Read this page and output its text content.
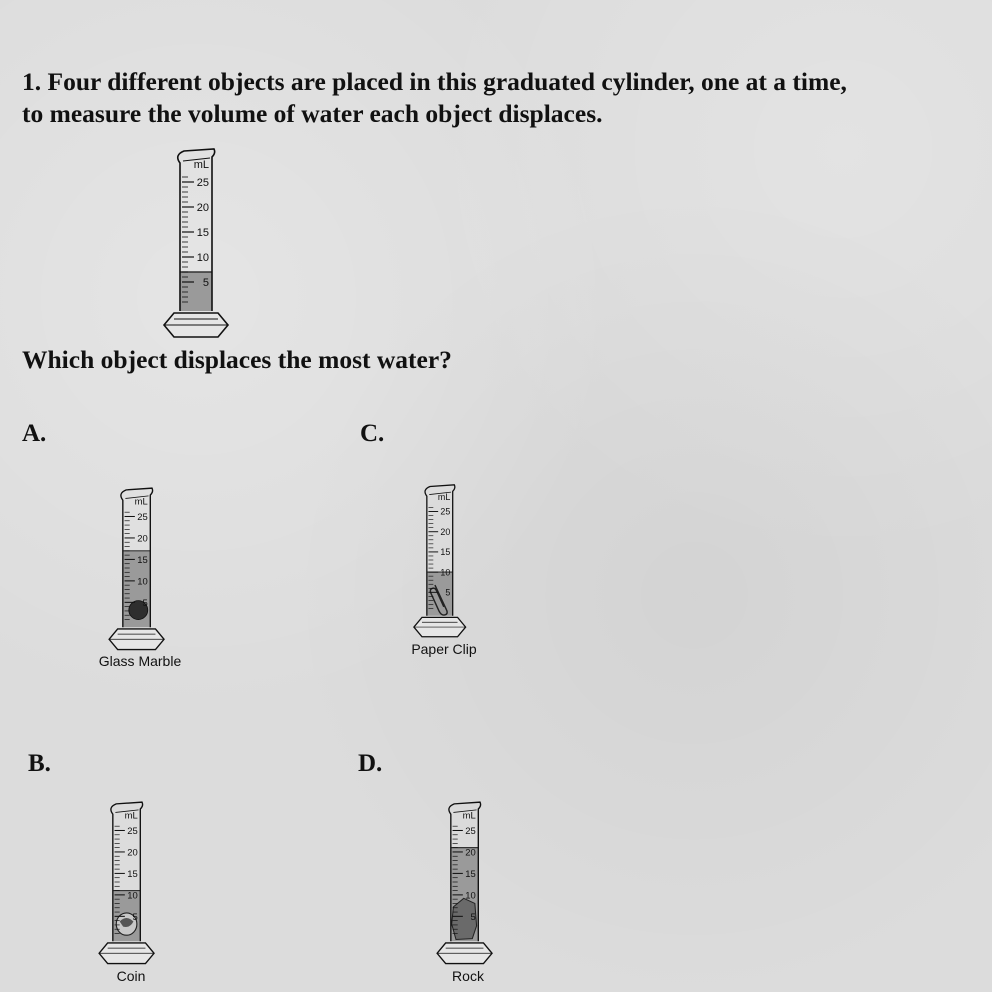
1. Four different objects are placed in this graduated cylinder, one at a time,
to measure the volume of water each object displaces.

25
20
15
10
5
mL

Which object displaces the most water?

A.
25
20
15
10
5
mL
Glass Marble
C.
25
20
15
10
5
mL
Paper Clip
B.
25
20
15
10
5
mL
Coin
D.
25
20
15
10
5
mL
Rock
